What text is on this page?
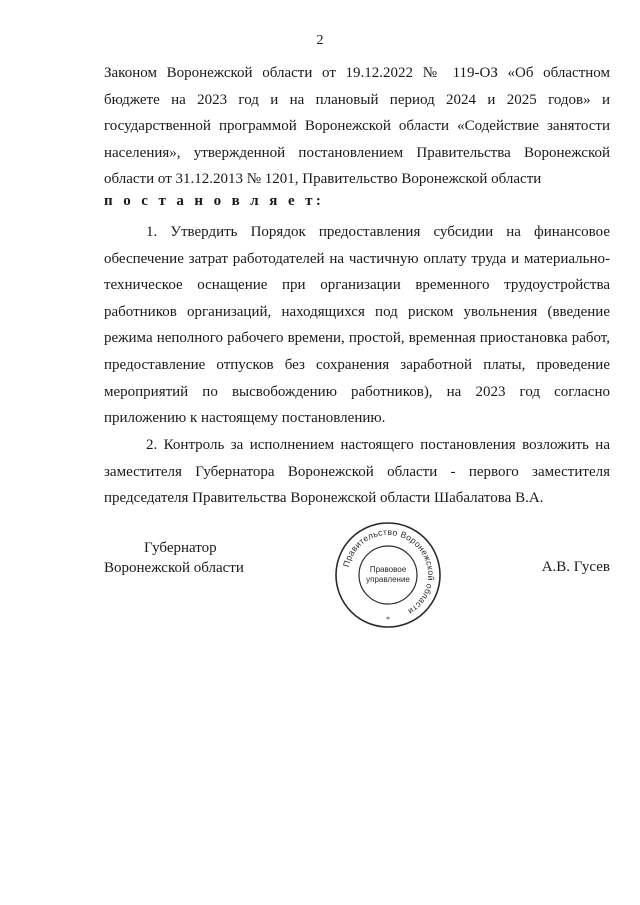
2
Законом Воронежской области от 19.12.2022 № 119-ОЗ «Об областном бюджете на 2023 год и на плановый период 2024 и 2025 годов» и государственной программой Воронежской области «Содействие занятости населения», утвержденной постановлением Правительства Воронежской области от 31.12.2013 № 1201, Правительство Воронежской области
п о с т а н о в л я е т:
1. Утвердить Порядок предоставления субсидии на финансовое обеспечение затрат работодателей на частичную оплату труда и материально-техническое оснащение при организации временного трудоустройства работников организаций, находящихся под риском увольнения (введение режима неполного рабочего времени, простой, временная приостановка работ, предоставление отпусков без сохранения заработной платы, проведение мероприятий по высвобождению работников), на 2023 год согласно приложению к настоящему постановлению.
2. Контроль за исполнением настоящего постановления возложить на заместителя Губернатора Воронежской области - первого заместителя председателя Правительства Воронежской области Шабалатова В.А.
Губернатор
Воронежской области	Правительство Воронежской области
*
Правовое
управление
А.В. Гусев
